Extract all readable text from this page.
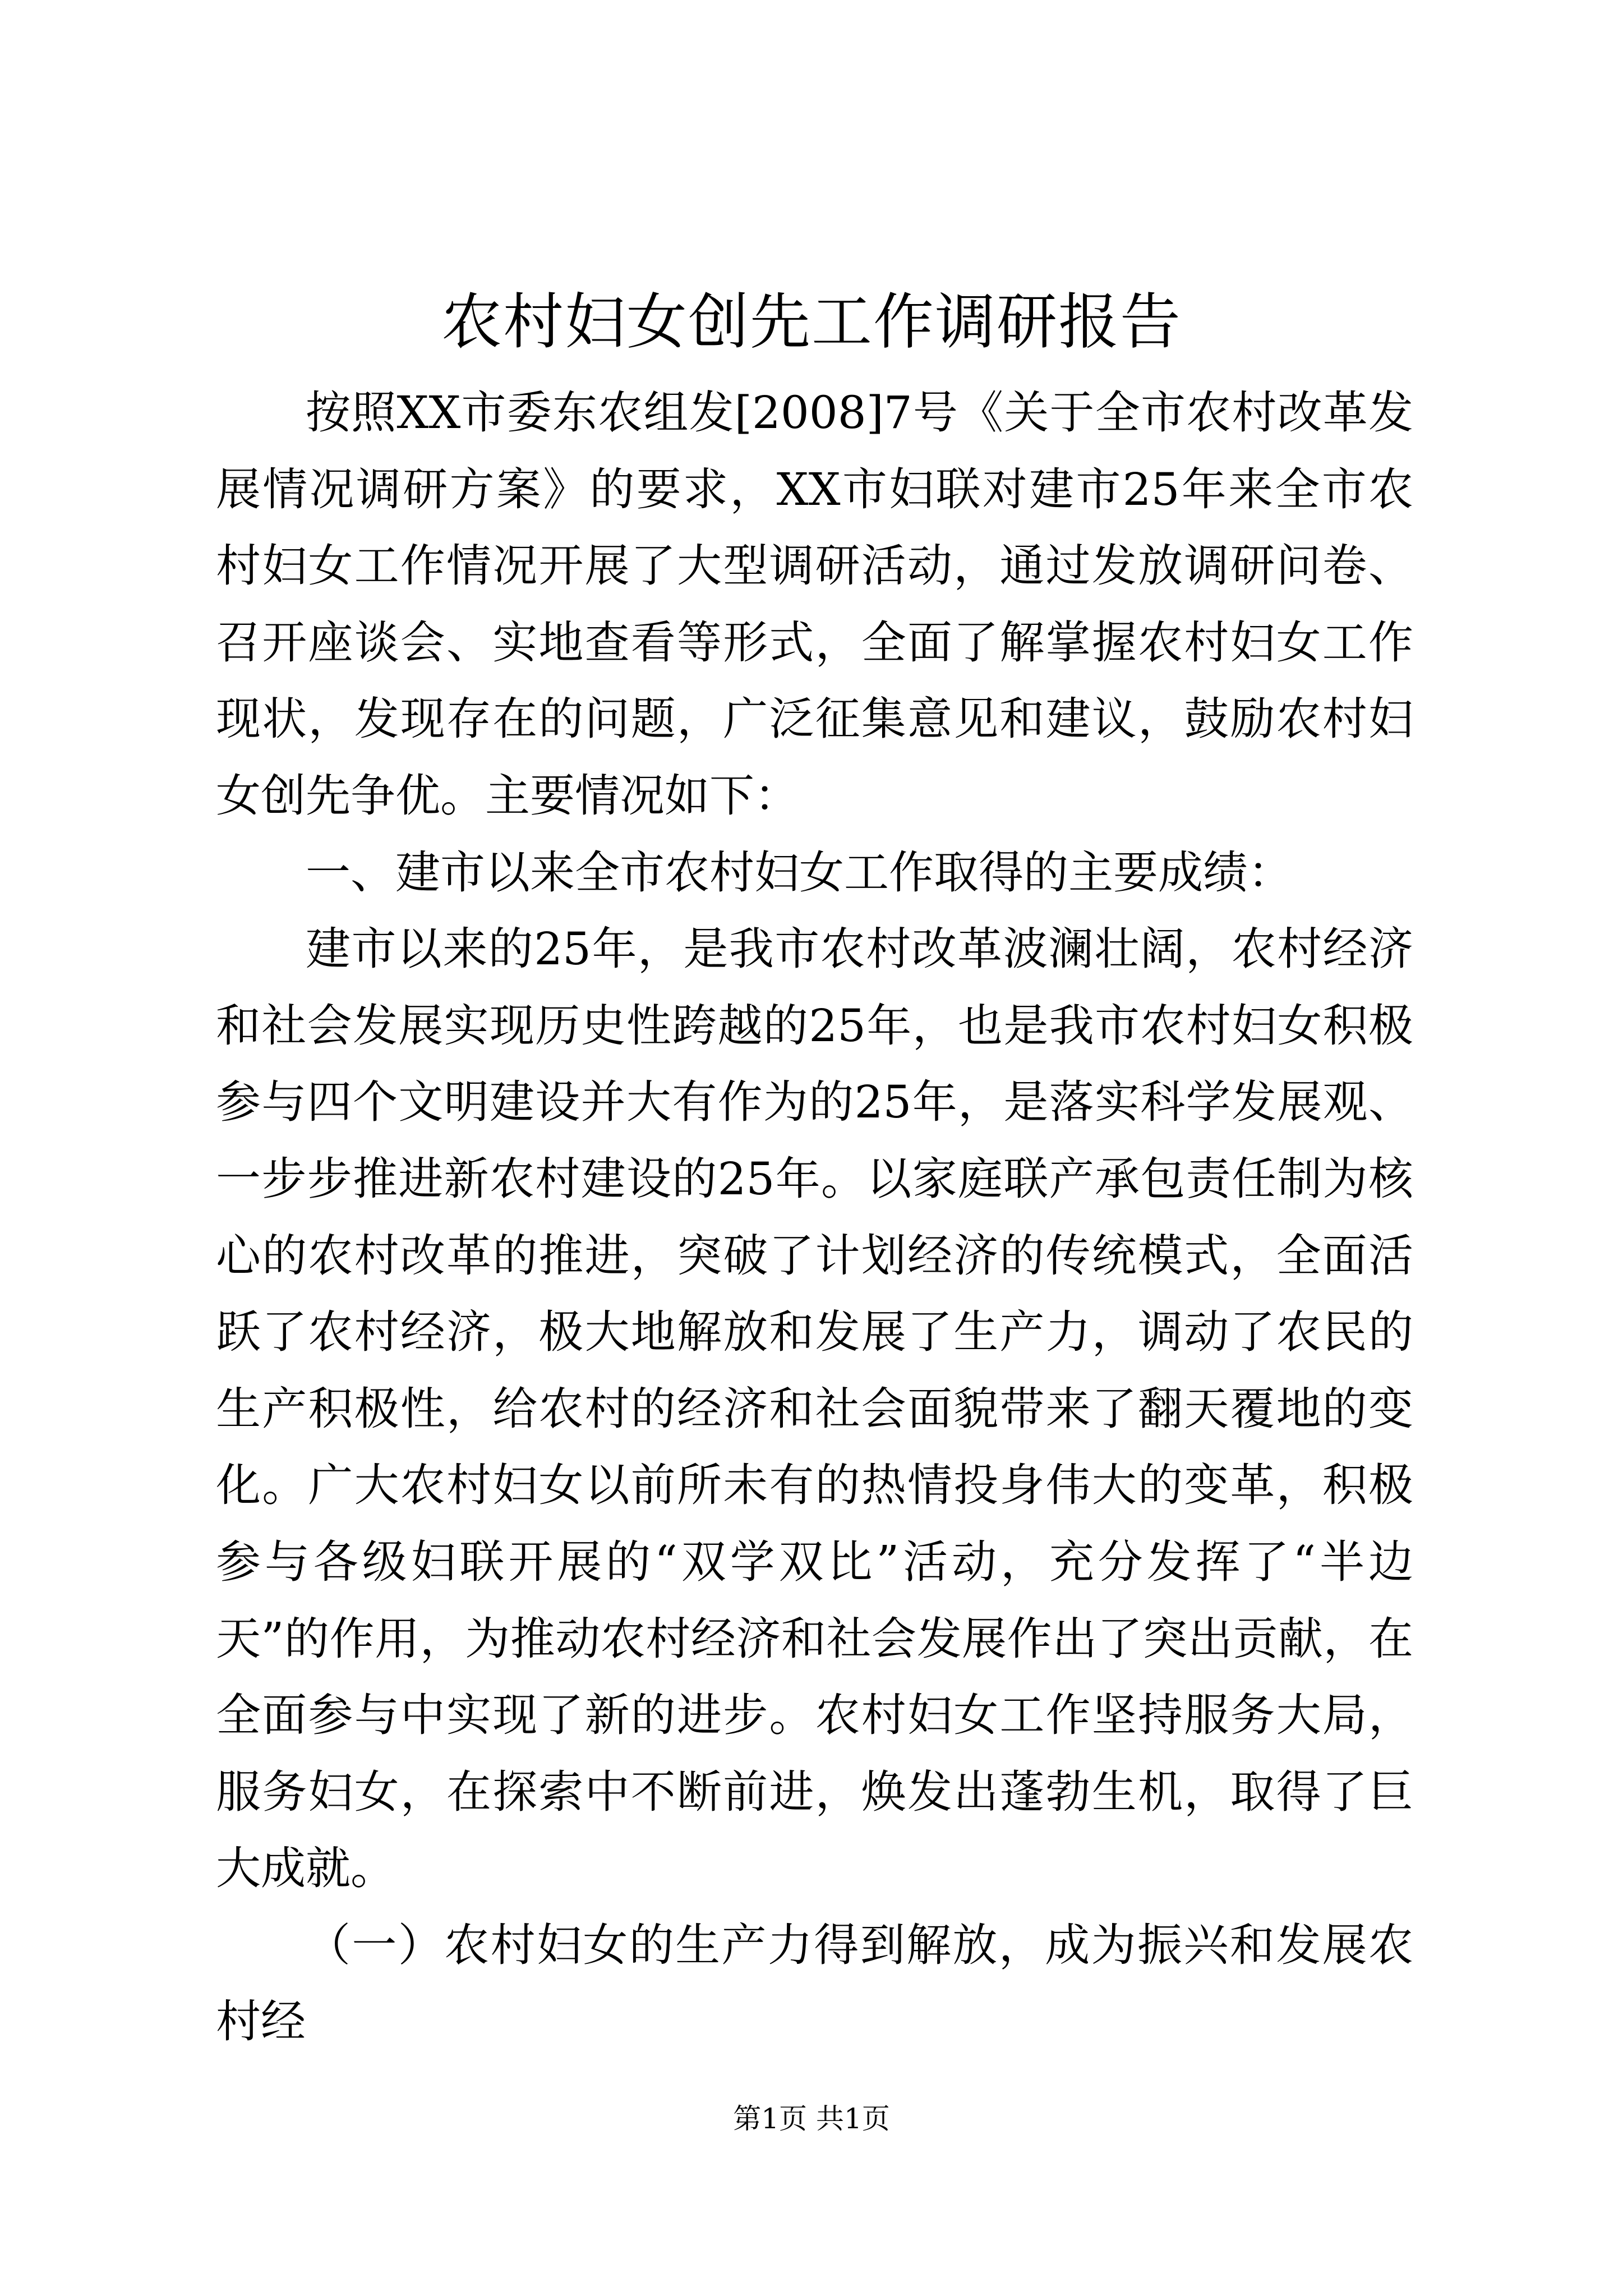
农村妇女创先工作调研报告

按照XX市委东农组发[2008]7号《关于全市农村改革发展情况调研方案》的要求，XX市妇联对建市25年来全市农村妇女工作情况开展了大型调研活动，通过发放调研问卷、召开座谈会、实地查看等形式，全面了解掌握农村妇女工作现状，发现存在的问题，广泛征集意见和建议，鼓励农村妇女创先争优。主要情况如下：

一、建市以来全市农村妇女工作取得的主要成绩：

建市以来的25年，是我市农村改革波澜壮阔，农村经济和社会发展实现历史性跨越的25年，也是我市农村妇女积极参与四个文明建设并大有作为的25年，是落实科学发展观、一步步推进新农村建设的25年。以家庭联产承包责任制为核心的农村改革的推进，突破了计划经济的传统模式，全面活跃了农村经济，极大地解放和发展了生产力，调动了农民的生产积极性，给农村的经济和社会面貌带来了翻天覆地的变化。广大农村妇女以前所未有的热情投身伟大的变革，积极参与各级妇联开展的“双学双比”活动，充分发挥了“半边天”的作用，为推动农村经济和社会发展作出了突出贡献，在全面参与中实现了新的进步。农村妇女工作坚持服务大局，服务妇女，在探索中不断前进，焕发出蓬勃生机，取得了巨大成就。

（一）农村妇女的生产力得到解放，成为振兴和发展农村经

第1页 共1页
